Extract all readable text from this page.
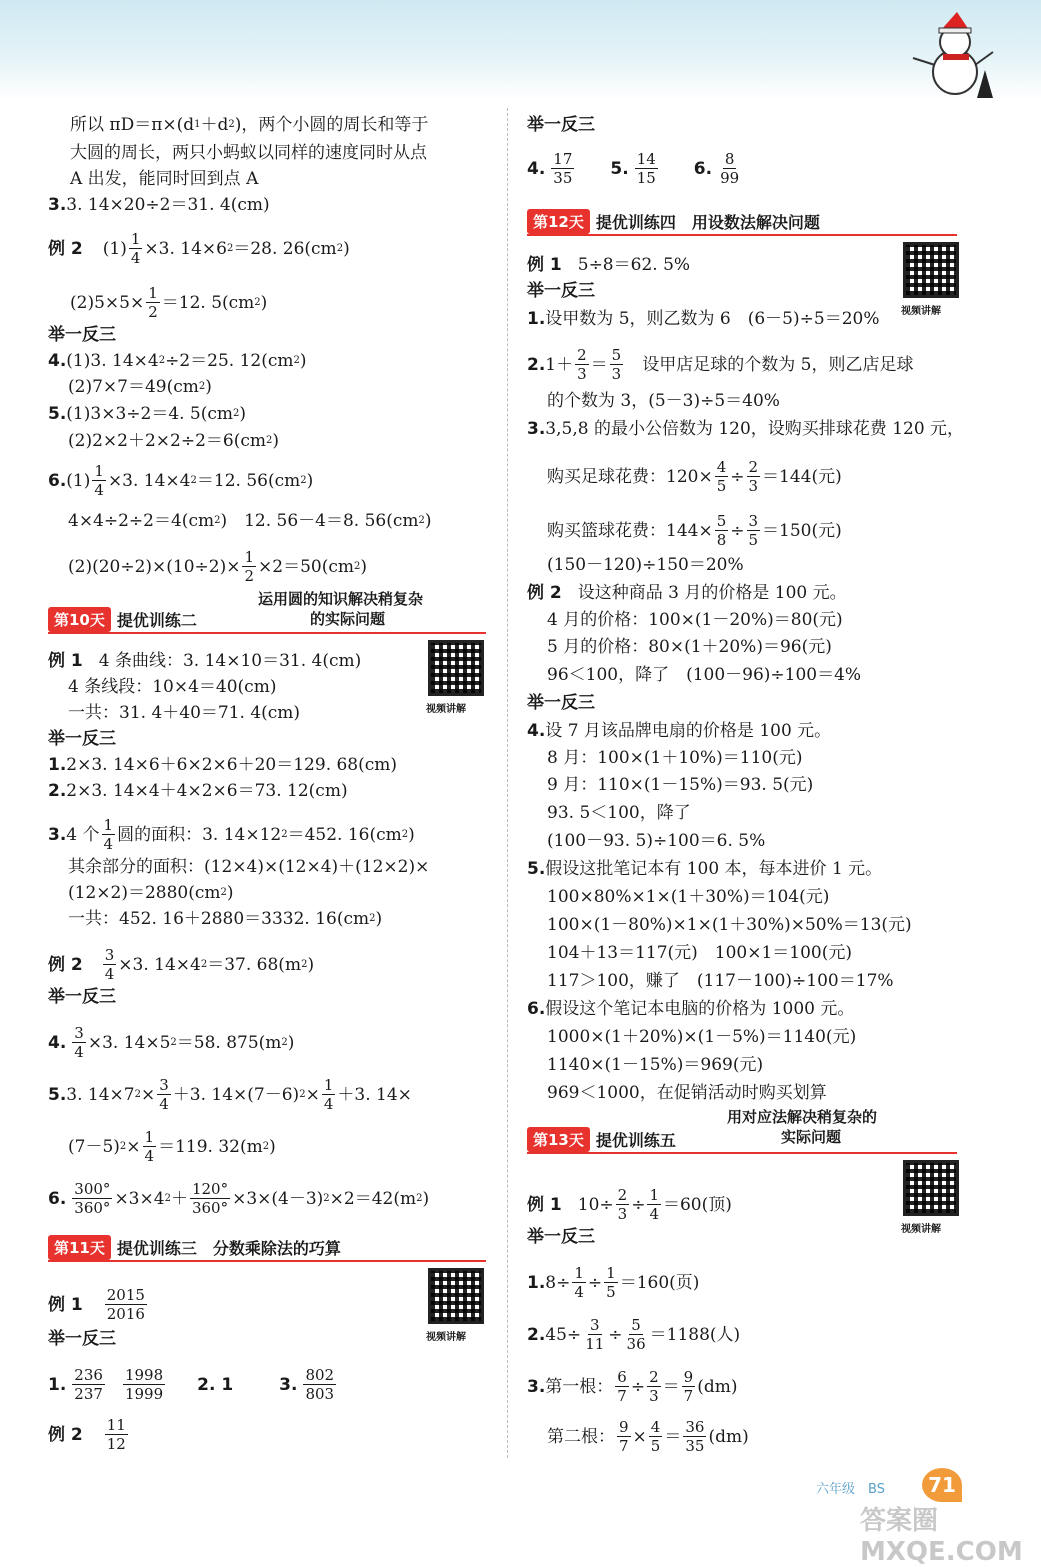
所以 πD＝π×(d 1 ＋d 2 )，两个小圆的周长和等于
大圆的周长，两只小蚂蚁以同样的速度同时从点
A 出发，能同时回到点 A
3. 3. 14×20÷2＝31. 4(cm)
例 2 $(1) \frac{1}{4} \times 3$. 14×6 2 ＝28. 26(cm 2 )
$(2)5\times 5\times \frac{1}{2} =12$. 5(cm 2 )
举一反三
4. (1)3. 14×4 2 ÷2＝25. 12(cm 2 )
(2)7×7＝49(cm 2 )
5. (1)3×3÷2＝4. 5(cm 2 )
(2)2×2＋2×2÷2＝6(cm 2 )
6. $(1) \frac{1}{4} \times 3$. 14×4 2 ＝12. 56(cm 2 )
4×4÷2÷2＝4(cm 2 )　12. 56－4＝8. 56(cm 2 )
$(2)(20\div 2)\times(10\div 2)\times \frac{1}{2} \times 2=50(cm$ 2 )
第10天 提优训练二
运用圆的知识解决稍复杂
的实际问题
视频讲解
例 1 4 条曲线：3. 14×10＝31. 4(cm)
4 条线段：10×4＝40(cm)
一共：31. 4＋40＝71. 4(cm)
举一反三
1. 2×3. 14×6＋6×2×6＋20＝129. 68(cm)
2. 2×3. 14×4＋4×2×6＝73. 12(cm)
3. 4 个 $\frac{1}{4}$ 圆的面积：3. 14×12 2 ＝452. 16(cm 2 )
其余部分的面积：(12×4)×(12×4)＋(12×2)×
(12×2)＝2880(cm 2 )
一共：452. 16＋2880＝3332. 16(cm 2 )
例 $2 \frac{3}{4} \times 3$. 14×4 2 ＝37. 68(m 2 )
举一反三
4. $\frac{3}{4} \times 3$. 14×5 2 ＝58. 875(m 2 )
5. 3. 14×7 $2 \times \frac{3}{4} +3$. 14×(7－6) $2 \times \frac{1}{4} +3$. 14×
(7－5) $2 \times \frac{1}{4} =119$. 32(m 2 )
6. $\frac{300^\circ}{360^\circ} \times 3\times 4$ $2 + \frac{120^\circ}{360^\circ} \times 3\times(4-3)$ 2 ×2＝42(m 2 )
第11天 提优训练三　分数乘除法的巧算
视频讲解
例 $1 \frac{2015}{2016}$
举一反三
1. $\frac{236}{237} \frac{1998}{1999} 2$. 1	3. $\frac{802}{803}$
例 $2 \frac{11}{12}$
举一反三
4. $\frac{17}{35} 5$. $\frac{14}{15} 6$. $\frac{8}{99}$
第12天 提优训练四　用设数法解决问题
视频讲解
例 1 5÷8＝62. 5%
举一反三
1. 设甲数为 5，则乙数为 6　(6－5)÷5＝20%
2. $1+ \frac{2}{3} = \frac{5}{3}$ 　设甲店足球的个数为 5，则乙店足球
的个数为 3，(5－3)÷5＝40%
3. 3,5,8 的最小公倍数为 120，设购买排球花费 120 元，
购买足球花费：$120\times \frac{4}{5} \div \frac{2}{3} =144$(元)
购买篮球花费：$144\times \frac{5}{8} \div \frac{3}{5} =150$(元)
(150－120)÷150＝20%
例 2 设这种商品 3 月的价格是 100 元。
4 月的价格：100×(1－20%)＝80(元)
5 月的价格：80×(1＋20%)＝96(元)
96＜100，降了　(100－96)÷100＝4%
举一反三
4. 设 7 月该品牌电扇的价格是 100 元。
8 月：100×(1＋10%)＝110(元)
9 月：110×(1－15%)＝93. 5(元)
93. 5＜100，降了
(100－93. 5)÷100＝6. 5%
5. 假设这批笔记本有 100 本，每本进价 1 元。
100×80%×1×(1＋30%)＝104(元)
100×(1－80%)×1×(1＋30%)×50%＝13(元)
104＋13＝117(元)　100×1＝100(元)
117＞100，赚了　(117－100)÷100＝17%
6. 假设这个笔记本电脑的价格为 1000 元。
1000×(1＋20%)×(1－5%)＝1140(元)
1140×(1－15%)＝969(元)
969＜1000，在促销活动时购买划算
第13天 提优训练五
用对应法解决稍复杂的
实际问题
视频讲解
例 1 $10\div \frac{2}{3} \div \frac{1}{4} =60$(顶)
举一反三
1. $8\div \frac{1}{4} \div \frac{1}{5} =160$(页)
2. $45\div \frac{3}{11} \div \frac{5}{36} =1188$(人)
3. 第一根： $\frac{6}{7} \div \frac{2}{3} = \frac{9}{7} (dm)$
第二根： $\frac{9}{7} \times \frac{4}{5} = \frac{36}{35} (dm)$
六年级　BS	71
答案圈 MXQE.COM
